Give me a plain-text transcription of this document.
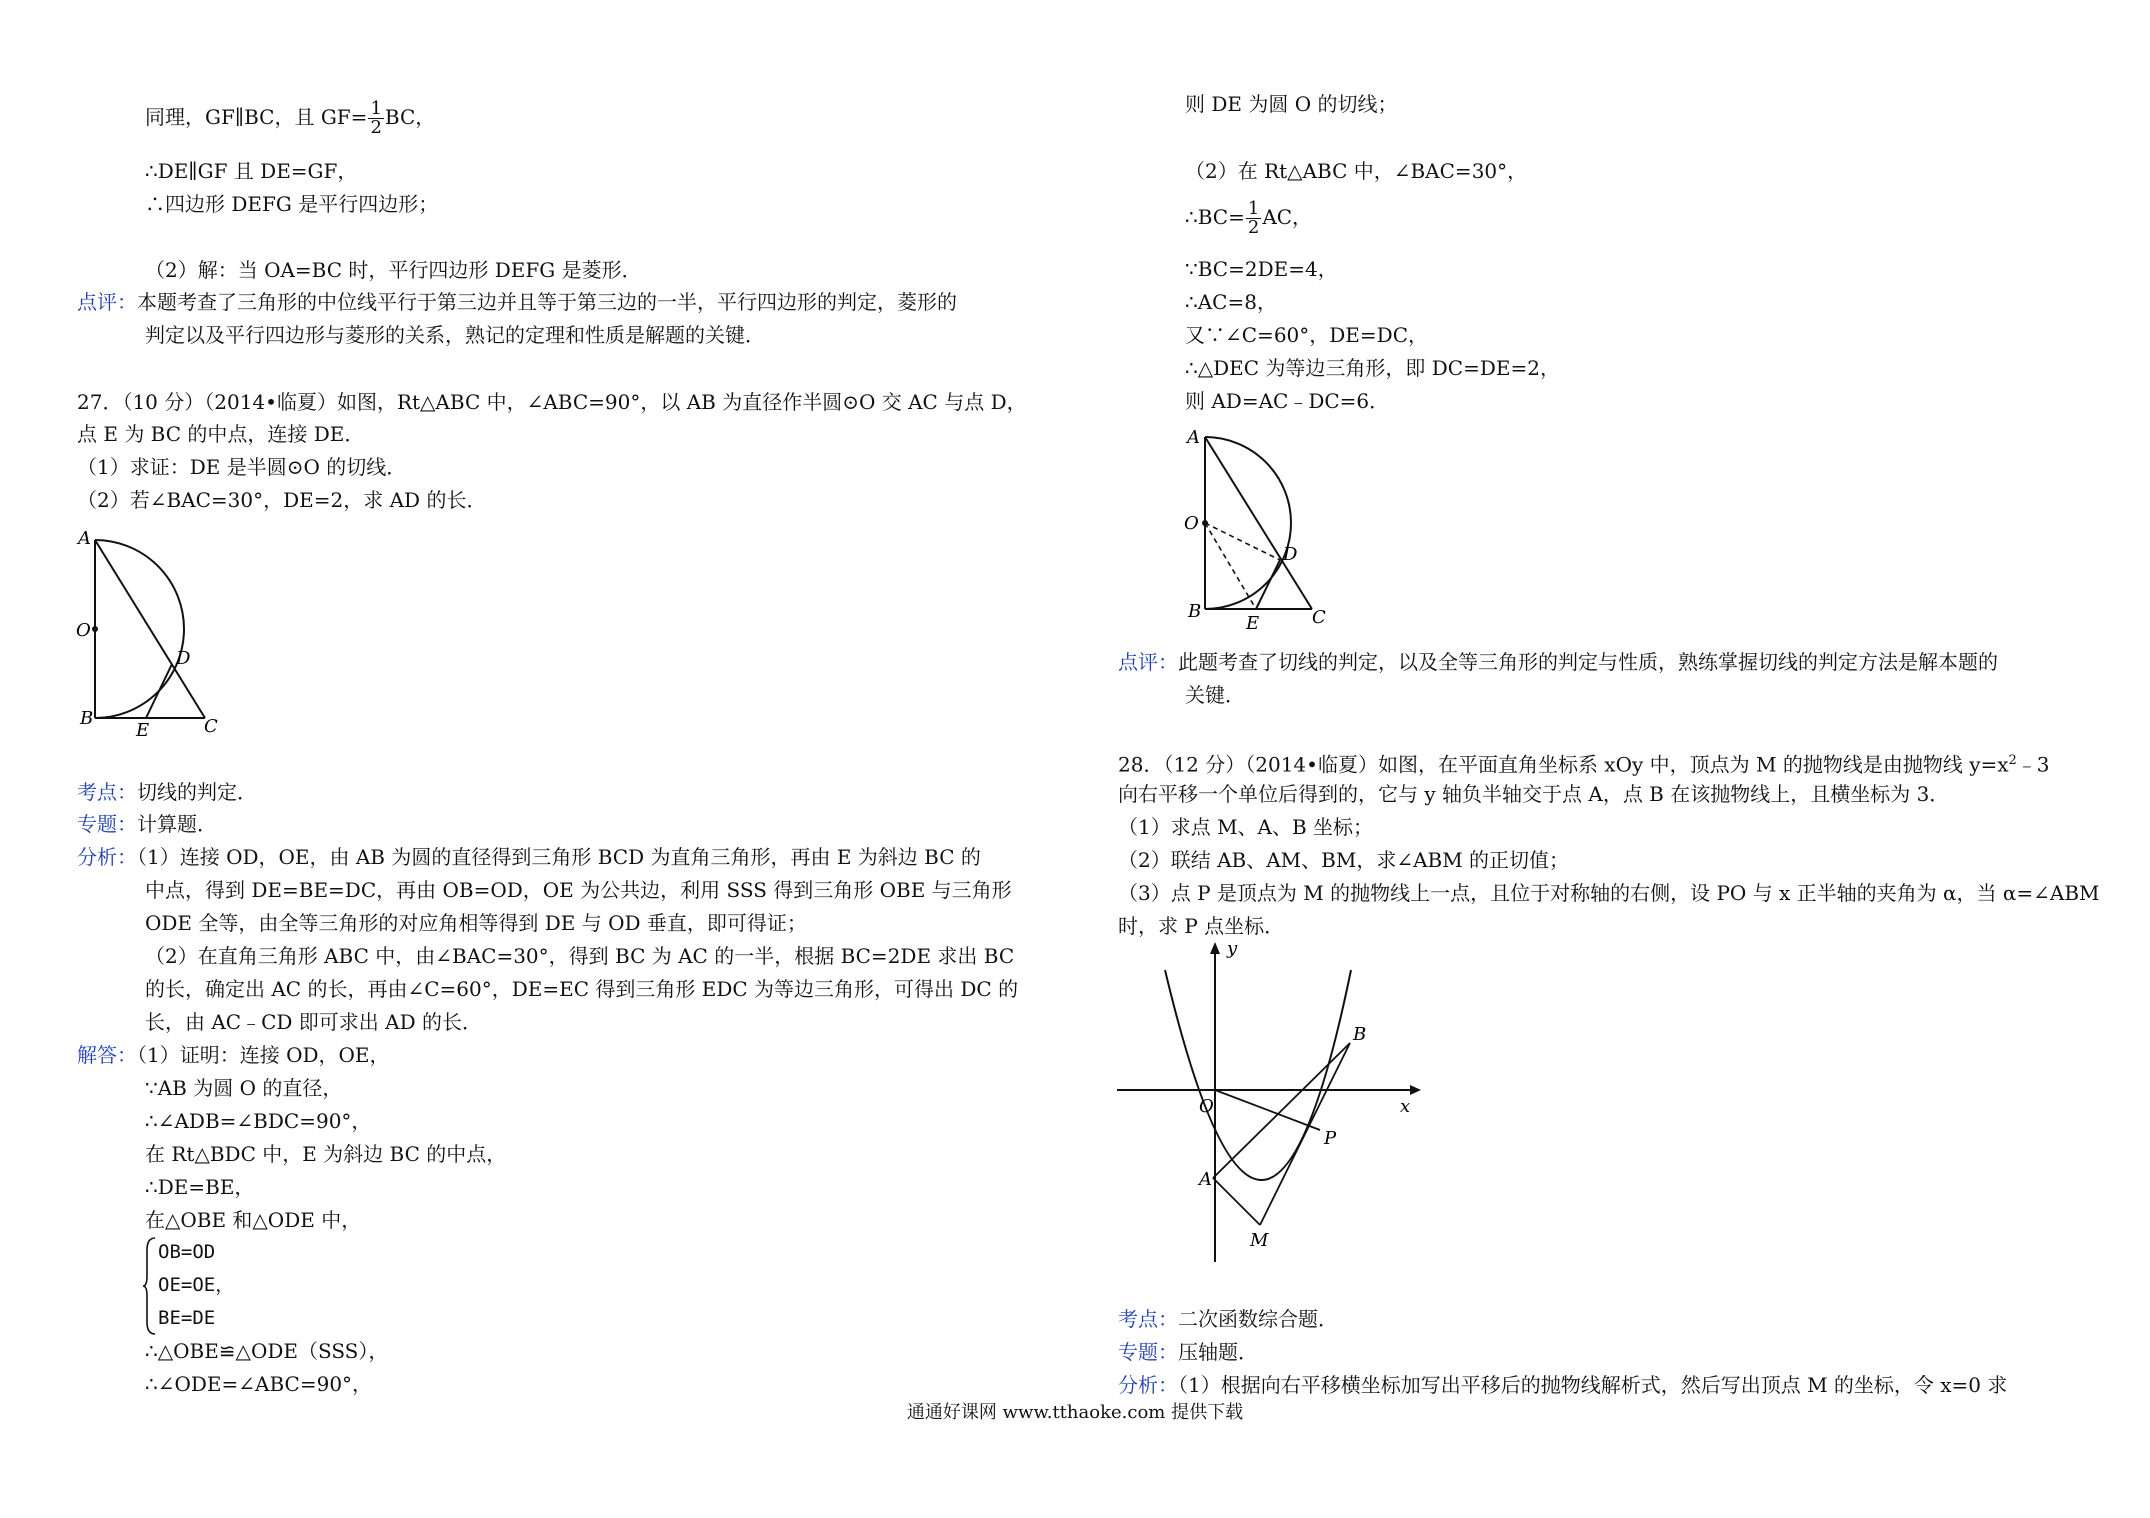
同理，GF∥BC，且 $GF= \frac{1}{2}$ BC，
∴DE∥GF 且 DE=GF，
∴四边形 DEFG 是平行四边形；
（2）解：当 OA=BC 时，平行四边形 DEFG 是菱形．
点评：本题考查了三角形的中位线平行于第三边并且等于第三边的一半，平行四边形的判定，菱形的
判定以及平行四边形与菱形的关系，熟记的定理和性质是解题的关键．
27．（10 分）（2014•临夏）如图，Rt△ABC 中，∠ABC=90°，以 AB 为直径作半圆⊙O 交 AC 与点 D，
点 E 为 BC 的中点，连接 DE．
（1）求证：DE 是半圆⊙O 的切线．
（2）若∠BAC=30°，DE=2，求 AD 的长．
A
O
D
B
E	C
考点：切线的判定．
专题：计算题．
分析：（1）连接 OD，OE，由 AB 为圆的直径得到三角形 BCD 为直角三角形，再由 E 为斜边 BC 的
中点，得到 DE=BE=DC，再由 OB=OD，OE 为公共边，利用 SSS 得到三角形 OBE 与三角形
ODE 全等，由全等三角形的对应角相等得到 DE 与 OD 垂直，即可得证；
（2）在直角三角形 ABC 中，由∠BAC=30°，得到 BC 为 AC 的一半，根据 BC=2DE 求出 BC
的长，确定出 AC 的长，再由∠C=60°，DE=EC 得到三角形 EDC 为等边三角形，可得出 DC 的
长，由 AC﹣CD 即可求出 AD 的长．
解答：（1）证明：连接 OD，OE，
∵AB 为圆 O 的直径，
∴∠ADB=∠BDC=90°，
在 Rt△BDC 中，E 为斜边 BC 的中点，
∴DE=BE，
在△OBE 和△ODE 中，
OB=OD
OE=OE，
BE=DE
∴△OBE≌△ODE（SSS），
∴∠ODE=∠ABC=90°，
则 DE 为圆 O 的切线；
（2）在 Rt△ABC 中，∠BAC=30°，
∴BC= $\frac{1}{2}$ AC，
∵BC=2DE=4，
∴AC=8，
又∵∠C=60°，DE=DC，
∴△DEC 为等边三角形，即 DC=DE=2，
则 AD=AC﹣DC=6．
A
O
D
B
E	C
点评：此题考查了切线的判定，以及全等三角形的判定与性质，熟练掌握切线的判定方法是解本题的
关键．
28．（12 分）（2014•临夏）如图，在平面直角坐标系 xOy 中，顶点为 M 的抛物线是由抛物线 $y=x^2﹣3$
向右平移一个单位后得到的，它与 y 轴负半轴交于点 A，点 B 在该抛物线上，且横坐标为 3．
（1）求点 M、A、B 坐标；
（2）联结 AB、AM、BM，求∠ABM 的正切值；
（3）点 P 是顶点为 M 的抛物线上一点，且位于对称轴的右侧，设 PO 与 x 正半轴的夹角为 α，当 α=∠ABM
时，求 P 点坐标．
y
x
O
B
P
A
M
考点：二次函数综合题．
专题：压轴题．
分析：（1）根据向右平移横坐标加写出平移后的抛物线解析式，然后写出顶点 M 的坐标，令 x=0 求
通通好课网 www.tthaoke.com 提供下载
